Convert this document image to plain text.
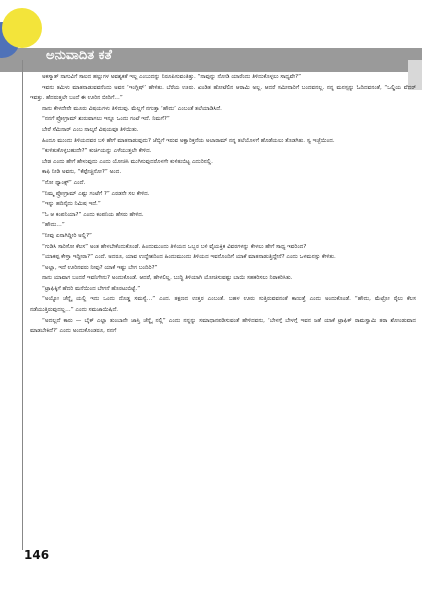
ಅನುವಾದಿತ ಕತೆ

ಅಕಸ್ಮಾತ್ ನಾಗುವಿಗೆ ಸಾಲದ ಹಲ್ಲುಗಳ ಅವಶ್ಯಕತೆ ಇಲ್ಲ ಎಂಬುದನ್ನು ನಿರೂಪಿಸುವಂತಿತ್ತು. “ನಾವುನ್ನು ನೋಡಿ ಯಾರೆಂದು ತಿಳಿದುಕೊಳ್ಳಲು ಸಾಧ್ಯವೇ?”

ಇವನು ತಮಿಳು ಮಾತನಾಡುವವನೆಂದು ಅವನ ‘ಇಂಗ್ಲಿಷ್’ ಹೇಳಿತು. ಬೆರೆಯ ಊರು. ಖಂಡಿತ ಹೋಟೆಲಿನ ಆರಾಮಿ ಅಲ್ಲ. ಆದರೆ ಸಮೀನಾರಿಗೆ ಬಂದವನಲ್ಲ. ನನ್ನ ಮನಸ್ಸನ್ನು ಓದಿದವನಂತೆ, “ಒಲ್ಡಿಯ ವೆದರ್ ಇವತ್ತು. ಹೆದರುತ್ತಲೇ ಬಂದೆ ಈ ಊರಿನ ಬೀದಿಗೆ…”

ನಾನು ಕೇಳದೇನೇ ಮೂರು ವಿಷಯಗಳು ತಿಳಿದುವು. ಮೆಲ್ಲಗೆ ನಗುತ್ತಾ ‘ಹೌದು’ ಎಂಬಂತೆ ತಲೆಯಾಡಿಸಿದೆ.

“ನನಗೆ ಪ್ರೋಗ್ರಾಮ್ ಶುರುವಾಗಲು ಇನ್ನೂ ಒಂದು ಗಂಟೆ ಇದೆ. ನಿಮಗೆ?”

ಬೇರೆ ಸೆಮಿನಾರ್ ಎಂಬ ನಾಲ್ಕನೆ ವಿಷಯವೂ ತಿಳಿಯಿತು.

ಹಿಂದೂ ಮುಂದು ತಿಳಿಯದವರ ಬಳಿ ಹೇಗೆ ಮಾತನಾಡುವುದು? ಜೆಬ್ಬಿಗೆ ಇರುವ ಅಕ್ವಾರಿಕ್ತನೆಯ ಅಲಾರಾಮ್ ನನ್ನ ತಲೆಯೊಳಗೆ ಹೊಡೆಯಲು ತೊಡಗಿತು. ಸ್ವ ಇಚ್ಛೆಯಿಂದ.

“ಕುಳಿತುಕೊಳ್ಳಬಹುದೇ?” ಕುರ್ಚಿಯನ್ನು ಎಳೆಯುತ್ತಲೇ ಕೇಳಿದ.

ಬೇಡ ಎಂದು ಹೇಗೆ ಹೇಳುವುದು ಎಂದು ಯೋಚಿಸಿ ಮುಗಿಸುವುದರೊಳಗೇ ಕುಳಿತುಬಿಟ್ಟ ಎದುರಿನಲ್ಲಿ.

ಕಾಫಿ ನೀಡಿ ಅವನು, “ಕೆಪ್ಪೇಚ್ಚಿನೋ?” ಅಂದ.

“ನೋ ಥ್ಯಾಂಕ್ಸ್” ಎಂದೆ.

“ನಿಮ್ಮ ಪ್ರೋಗ್ರಾಮ್ ಎಷ್ಟು ಗಂಟೆಗೆ ?” ಎರಡನೇ ಸಲ ಕೇಳಿದ.

“ಇನ್ನು ಹದಿನೈದು ನಿಮಿಷ ಇದೆ.”

“ಓ ಆ ಕಂಪನಿಯಾ?” ಎಂದು ಕಂಪನಿಯ ಹೆಸರು ಹೇಳಿದ.

“ಹೌದು…”

“ನೀವು ಏನಾಗಿದ್ದೀರಿ ಅಲ್ಲಿ?”

“ಗುಡಿಸಿ ಸಾರಿಸೋ ಕೆಲಸ” ಅಂತ ಹೇಳಬೇಕೆಂದುಕೊಂಡೆ. ಹಿಂದುಮುಂದು ತಿಳಿಯದ ಒಬ್ಬರ ಬಳಿ ವೈಯಕ್ತಿಕ ವಿವರಗಳನ್ನು ಕೇಳಲು ಹೇಗೆ ಸಾಧ್ಯ ಇವರಿಂದ?

“ಯಾಕಪ್ಪ ಕೇಳ್ತಾ ಇದ್ದೀರಾ?” ಎಂದೆ. ಅದರೂ, ಯಾವ ಉದ್ದೇಶದಿಂದ ಹಿಂದುಮುಂದು ತಿಳಿಯದ ಇವನೊಂದಿಗೆ ಯಾಕೆ ಮಾತನಾಡುತ್ತಿದ್ದೇನೆ? ಎಂದು ಒಳಮನಸ್ಸು ಕೇಳಿತು.

“ಅಲ್ಲಾ, ಇದೆ ಊರಿನವರು ನೀವು? ಯಾಕೆ ಇಷ್ಟು ಬೇಗ ಬಂದಿರಿ?”

ನಾನು ಯಾವಾಗ ಬಂದರೆ ಇವನಿಗೇನು? ಅಂದುಕೊಂಡೆ. ಆದರೆ, ಹೇಳಲಿಲ್ಲ. ಬುದ್ಧಿ ತಿಳಿಯಾಗಿ ಯೋಚಿಸುವಷ್ಟು ಬಾಯಿ ಸಹಕರಿಸಲು ನಿರಾಕರಿಸಿತು.

“ಟ್ರಾಫಿಕ್ಕಿಗೆ ಹೆದರಿ ಮನೆಯಿಂದ ಬೇಗನೆ ಹೊರಟುಬಿಟ್ಟೆ.”

“ಅಯ್ಯೋ ಚೆನ್ನೈ ಯಲ್ಲಿ ಇದು ಒಂದು ದೊಡ್ಡ ಸಮಸ್ಯೆ…” ಎಂದ. ತಕ್ಷಣದ ಉತ್ತರ ಎಂಬಂತೆ. ಬಹಳ ಊರು ಸುತ್ತಿರುವವನಂತೆ ಕಾಣುತ್ತೆ ಎಂದು ಅಂದುಕೊಂಡೆ. “ಹೌದು, ಮೆಟ್ರೋ ರೈಲು ಕೆಲಸ ನಡೆಯುತ್ತಿರುವುದಲ್ಲ…” ಎಂದು ಸಮಜಾಯಿಷಿದೆ.

“ಅದಲ್ಲದೆ ಕಾರು — ಬೈಕ್ ಎಲ್ಲಾ ತುಂಬಾನೇ ಜಾಸ್ತಿ ಚೆನ್ನೈ ನಲ್ಲಿ” ಎಂದು ನನ್ನನ್ನು ಸಮಾಧಾನಪಡಿಸುವಂತೆ ಹೇಳಿದವನು, ‘ಬೇಳಗ್ಗೆ ಬೇಳಗ್ಗೆ ಇವನ ಜತೆ ಯಾಕೆ ಟ್ರಾಫಿಕ್ ರಾಮಸ್ವಾಮಿ ತರಾ ಶೋಂಡುವಾದ ಮಾಡಬೇಕಿದೆ?’ ಎಂದು ಅಂದುಕೊಂಡರೂ, ನನಗೆ

146
